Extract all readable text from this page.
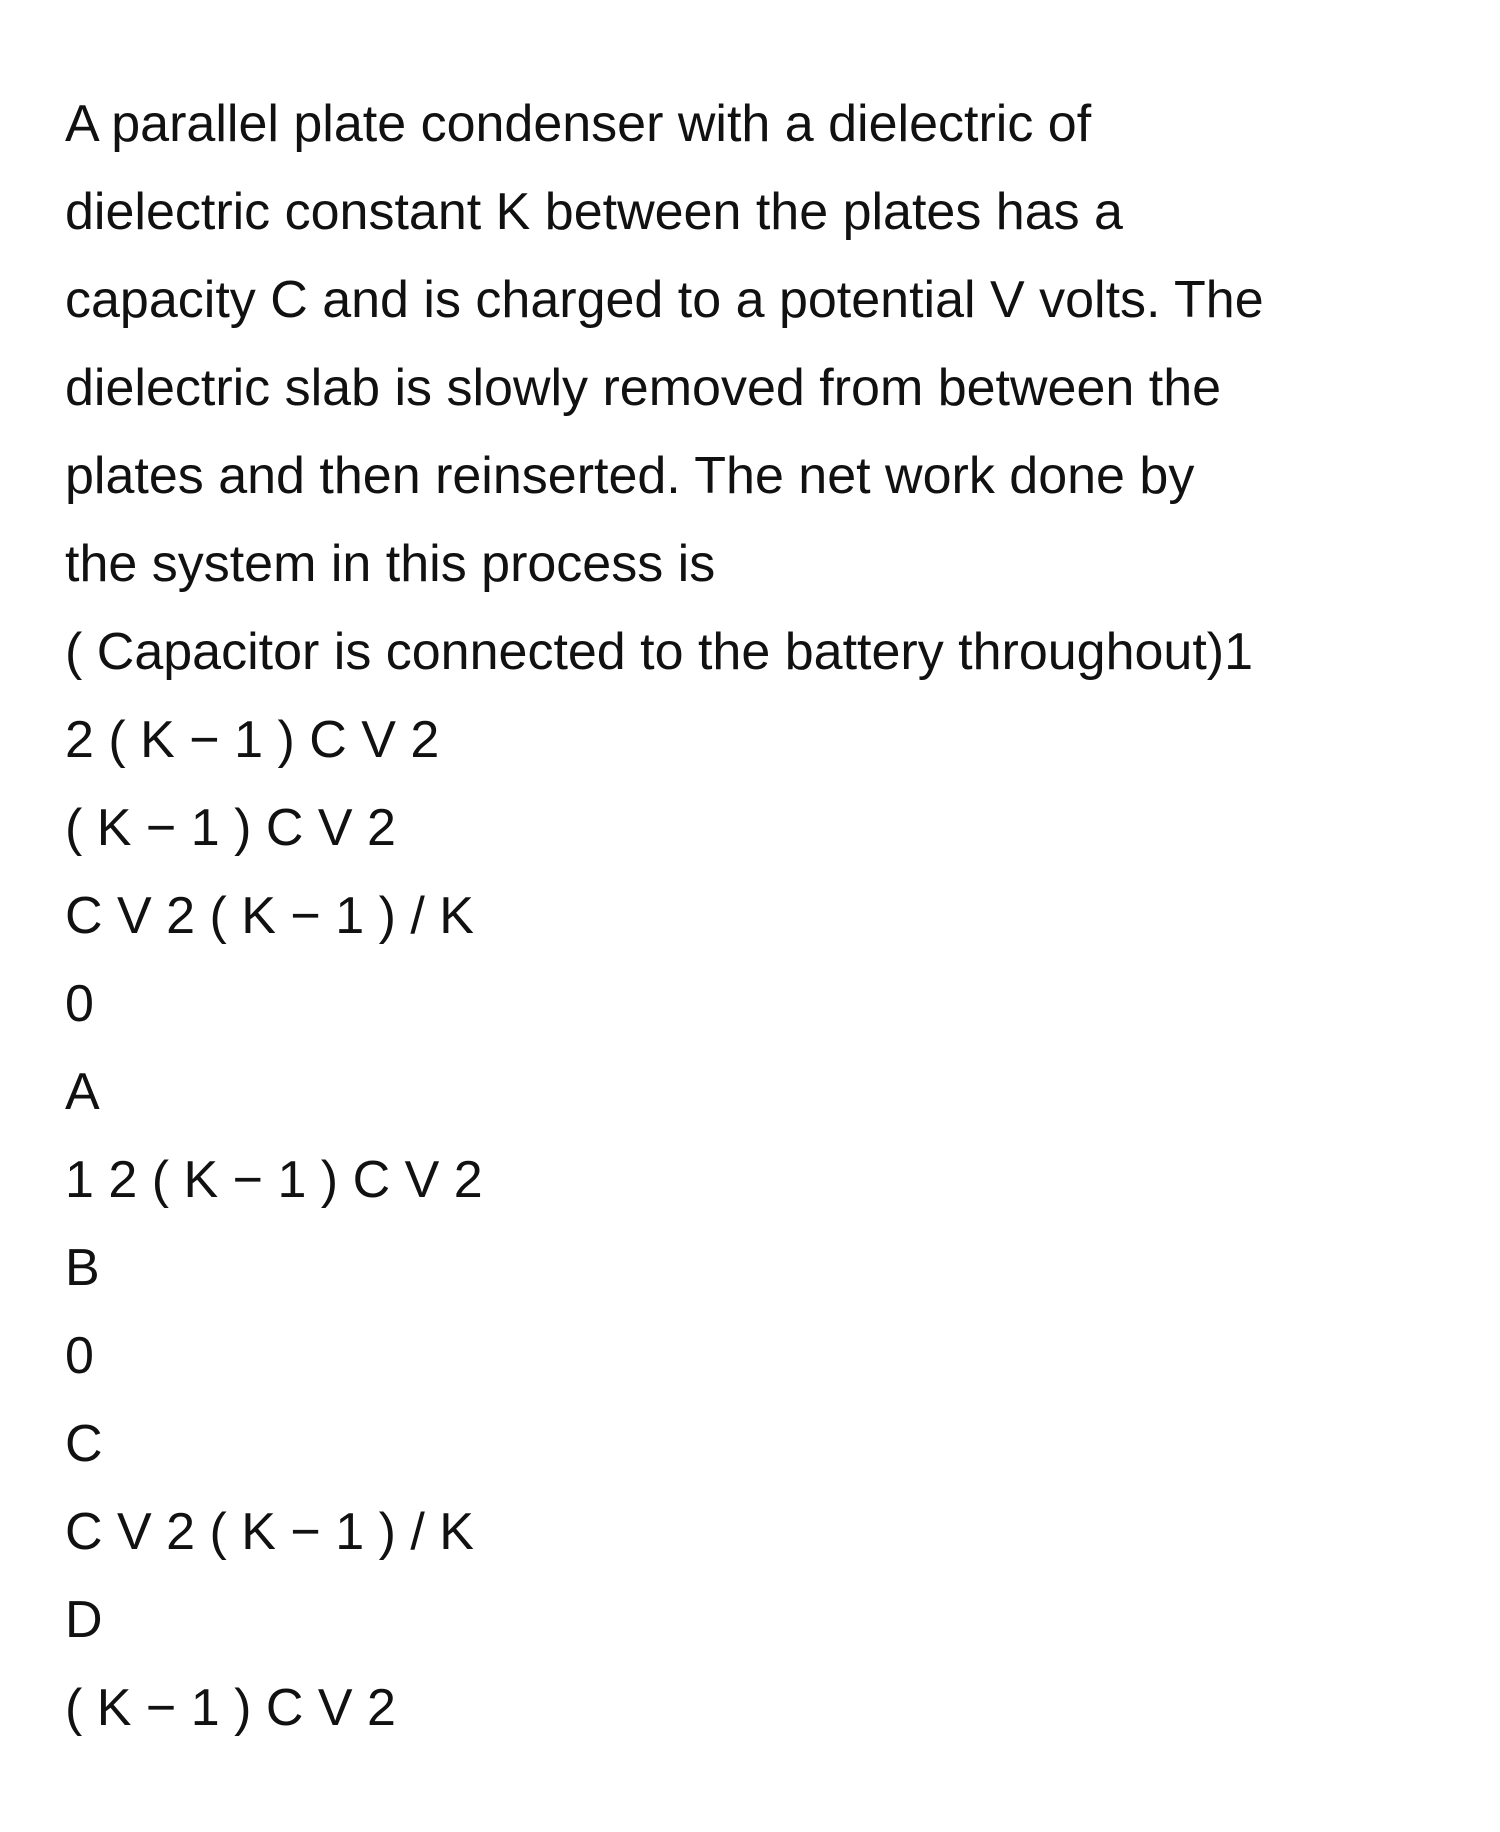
A parallel plate condenser with a dielectric of
dielectric constant K between the plates has a
capacity C and is charged to a potential V volts. The
dielectric slab is slowly removed from between the
plates and then reinserted. The net work done by
the system in this process is
( Capacitor is connected to the battery throughout)1
2 ( K − 1 ) C V 2
( K − 1 ) C V 2
C V 2 ( K − 1 ) / K
0
A
1 2 ( K − 1 ) C V 2
B
0
C
C V 2 ( K − 1 ) / K
D
( K − 1 ) C V 2
